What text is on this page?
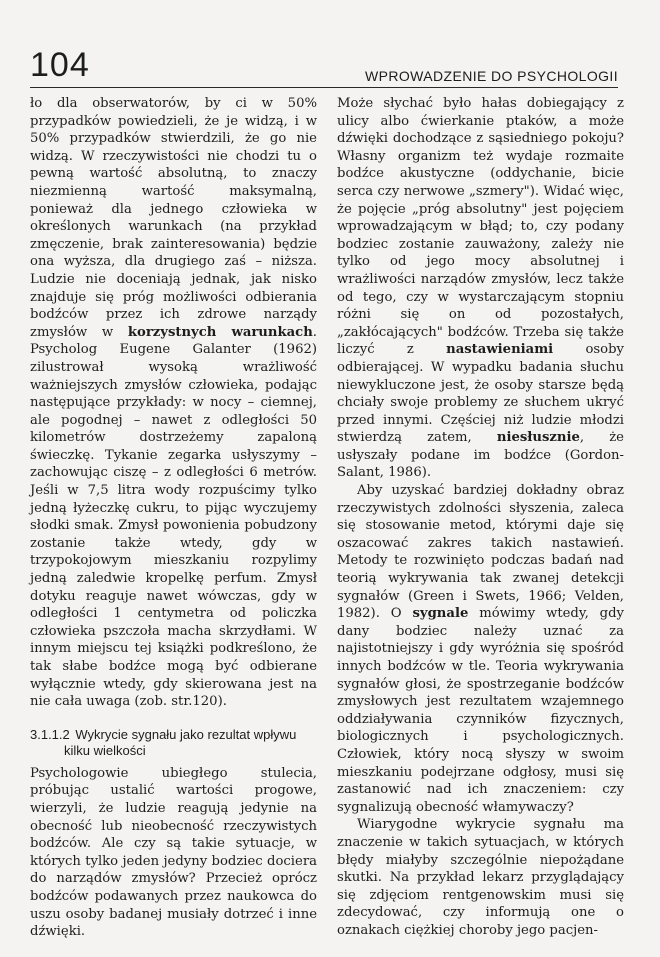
104	WPROWADZENIE DO PSYCHOLOGII

ło dla obserwatorów, by ci w 50% przypadków powiedzieli, że je widzą, i w 50% przypadków stwierdzili, że go nie widzą. W rzeczywistości nie chodzi tu o pewną wartość absolutną, to znaczy niezmienną wartość maksymalną, ponieważ dla jednego człowieka w określonych warunkach (na przykład zmęczenie, brak zainteresowania) będzie ona wyższa, dla drugiego zaś – niższa. Ludzie nie doceniają jednak, jak nisko znajduje się próg możliwości odbierania bodźców przez ich zdrowe narządy zmysłów w korzystnych warunkach. Psycholog Eugene Galanter (1962) zilustrował wysoką wrażliwość ważniejszych zmysłów człowieka, podając następujące przykłady: w nocy – ciemnej, ale pogodnej – nawet z odległości 50 kilometrów dostrzeżemy zapaloną świeczkę. Tykanie zegarka usłyszymy – zachowując ciszę – z odległości 6 metrów. Jeśli w 7,5 litra wody rozpuścimy tylko jedną łyżeczkę cukru, to pijąc wyczujemy słodki smak. Zmysł powonienia pobudzony zostanie także wtedy, gdy w trzypokojowym mieszkaniu rozpylimy jedną zaledwie kropelkę perfum. Zmysł dotyku reaguje nawet wówczas, gdy w odległości 1 centymetra od policzka człowieka pszczoła macha skrzydłami. W innym miejscu tej książki podkreślono, że tak słabe bodźce mogą być odbierane wyłącznie wtedy, gdy skierowana jest na nie cała uwaga (zob. str.120).

3.1.1.2 Wykrycie sygnału jako rezultat wpływu
kilku wielkości

Psychologowie ubiegłego stulecia, próbując ustalić wartości progowe, wierzyli, że ludzie reagują jedynie na obecność lub nieobecność rzeczywistych bodźców. Ale czy są takie sytuacje, w których tylko jeden jedyny bodziec dociera do narządów zmysłów? Przecież oprócz bodźców podawanych przez naukowca do uszu osoby badanej musiały dotrzeć i inne dźwięki.

Może słychać było hałas dobiegający z ulicy albo ćwierkanie ptaków, a może dźwięki dochodzące z sąsiedniego pokoju? Własny organizm też wydaje rozmaite bodźce akustyczne (oddychanie, bicie serca czy nerwowe „szmery"). Widać więc, że pojęcie „próg absolutny" jest pojęciem wprowadzającym w błąd; to, czy podany bodziec zostanie zauważony, zależy nie tylko od jego mocy absolutnej i wrażliwości narządów zmysłów, lecz także od tego, czy w wystarczającym stopniu różni się on od pozostałych, „zakłócających" bodźców. Trzeba się także liczyć z nastawieniami osoby odbierającej. W wypadku badania słuchu niewykluczone jest, że osoby starsze będą chciały swoje problemy ze słuchem ukryć przed innymi. Częściej niż ludzie młodzi stwierdzą zatem, niesłusznie, że usłyszały podane im bodźce (Gordon-Salant, 1986).

Aby uzyskać bardziej dokładny obraz rzeczywistych zdolności słyszenia, zaleca się stosowanie metod, którymi daje się oszacować zakres takich nastawień. Metody te rozwinięto podczas badań nad teorią wykrywania tak zwanej detekcji sygnałów (Green i Swets, 1966; Velden, 1982). O sygnale mówimy wtedy, gdy dany bodziec należy uznać za najistotniejszy i gdy wyróżnia się spośród innych bodźców w tle. Teoria wykrywania sygnałów głosi, że spostrzeganie bodźców zmysłowych jest rezultatem wzajemnego oddziaływania czynników fizycznych, biologicznych i psychologicznych. Człowiek, który nocą słyszy w swoim mieszkaniu podejrzane odgłosy, musi się zastanowić nad ich znaczeniem: czy sygnalizują obecność włamywaczy?

Wiarygodne wykrycie sygnału ma znaczenie w takich sytuacjach, w których błędy miałyby szczególnie niepożądane skutki. Na przykład lekarz przyglądający się zdjęciom rentgenowskim musi się zdecydować, czy informują one o oznakach ciężkiej choroby jego pacjen-
